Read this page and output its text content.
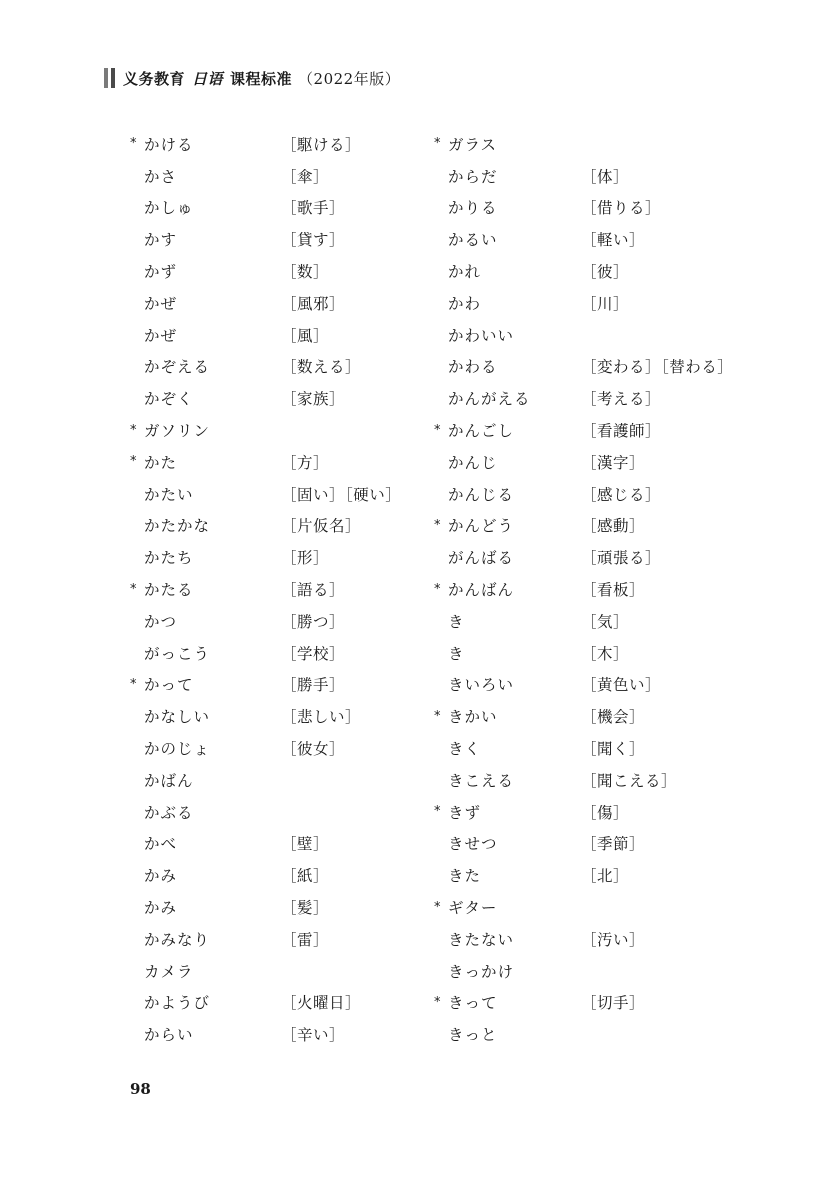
义务教育 日语 课程标准 （2022年版）
* かける	［駆ける］
かさ	［傘］
かしゅ	［歌手］
かす	［貸す］
かず	［数］
かぜ	［風邪］
かぜ	［風］
かぞえる	［数える］
かぞく	［家族］
* ガソリン
* かた	［方］
かたい	［固い］［硬い］
かたかな	［片仮名］
かたち	［形］
* かたる	［語る］
かつ	［勝つ］
がっこう	［学校］
* かって	［勝手］
かなしい	［悲しい］
かのじょ	［彼女］
かばん
かぶる
かべ	［壁］
かみ	［紙］
かみ	［髪］
かみなり	［雷］
カメラ
かようび	［火曜日］
からい	［辛い］
* ガラス
からだ	［体］
かりる	［借りる］
かるい	［軽い］
かれ	［彼］
かわ	［川］
かわいい
かわる	［変わる］［替わる］
かんがえる	［考える］
* かんごし	［看護師］
かんじ	［漢字］
かんじる	［感じる］
* かんどう	［感動］
がんばる	［頑張る］
* かんばん	［看板］
き	［気］
き	［木］
きいろい	［黄色い］
* きかい	［機会］
きく	［聞く］
きこえる	［聞こえる］
* きず	［傷］
きせつ	［季節］
きた	［北］
* ギター
きたない	［汚い］
きっかけ
* きって	［切手］
きっと
98
